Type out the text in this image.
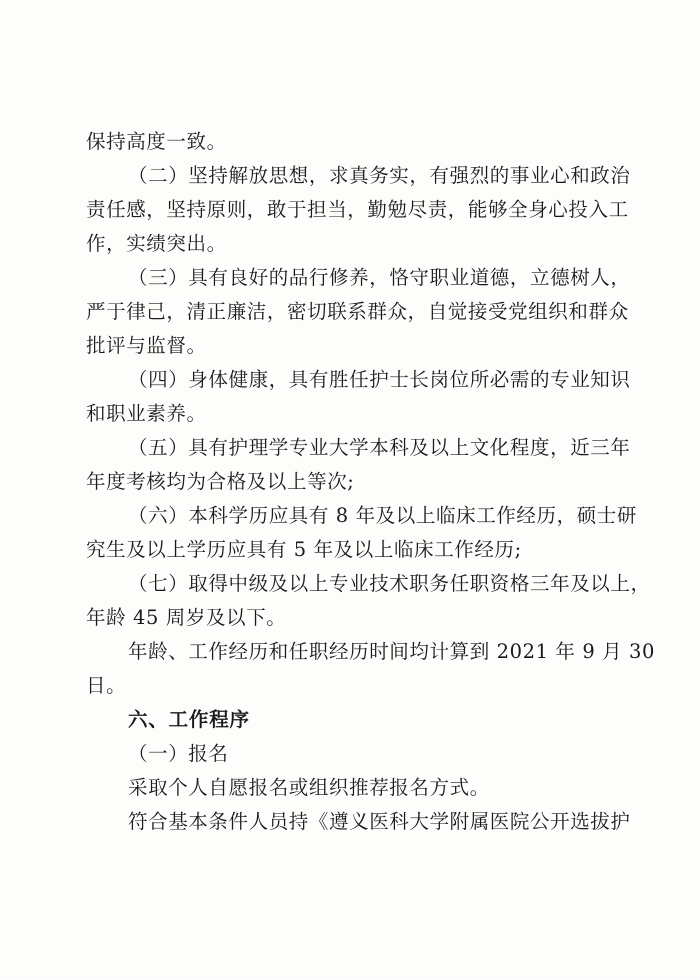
保持高度一致。
（二）坚持解放思想，求真务实，有强烈的事业心和政治
责任感，坚持原则，敢于担当，勤勉尽责，能够全身心投入工
作，实绩突出。
（三）具有良好的品行修养，恪守职业道德，立德树人，
严于律己，清正廉洁，密切联系群众，自觉接受党组织和群众
批评与监督。
（四）身体健康，具有胜任护士长岗位所必需的专业知识
和职业素养。
（五）具有护理学专业大学本科及以上文化程度，近三年
年度考核均为合格及以上等次;
（六）本科学历应具有 8 年及以上临床工作经历，硕士研
究生及以上学历应具有 5 年及以上临床工作经历;
（七）取得中级及以上专业技术职务任职资格三年及以上，
年龄 45 周岁及以下。
年龄、工作经历和任职经历时间均计算到 2021 年 9 月 30
日。
六、工作程序
（一）报名
采取个人自愿报名或组织推荐报名方式。
符合基本条件人员持《遵义医科大学附属医院公开选拔护
